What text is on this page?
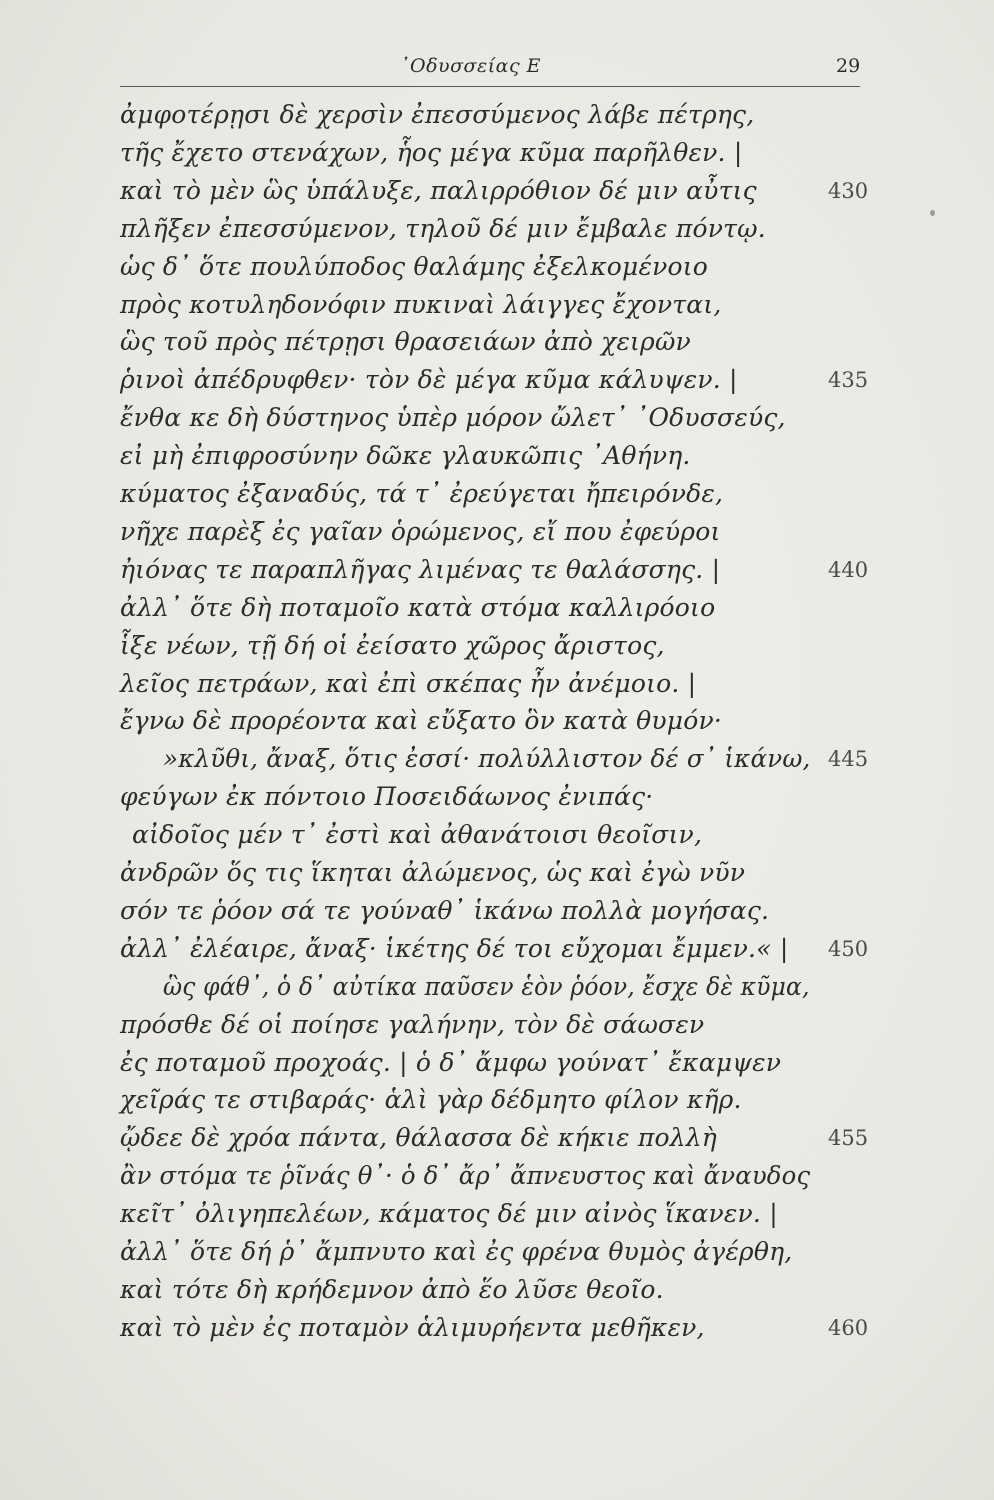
᾿Οδυσσείας Ε	29
ἀμφοτέρῃσι δὲ χερσὶν ἐπεσσύμενος λάβε πέτρης,
τῆς ἔχετο στενάχων, ἧος μέγα κῦμα παρῆλθεν. |
καὶ τὸ μὲν ὣς ὑπάλυξε, παλιρρόθιον δέ μιν αὖτις	430
πλῆξεν ἐπεσσύμενον, τηλοῦ δέ μιν ἔμβαλε πόντῳ.
ὡς δ᾿ ὅτε πουλύποδος θαλάμης ἐξελκομένοιο
πρὸς κοτυληδονόφιν πυκιναὶ λάιγγες ἔχονται,
ὣς τοῦ πρὸς πέτρῃσι θρασειάων ἀπὸ χειρῶν
ῥινοὶ ἀπέδρυφθεν· τὸν δὲ μέγα κῦμα κάλυψεν. |	435
ἔνθα κε δὴ δύστηνος ὑπὲρ μόρον ὤλετ᾿ ᾿Οδυσσεύς,
εἰ μὴ ἐπιφροσύνην δῶκε γλαυκῶπις ᾿Αθήνη.
κύματος ἐξαναδύς, τά τ᾿ ἐρεύγεται ἤπειρόνδε,
νῆχε παρὲξ ἐς γαῖαν ὁρώμενος, εἴ που ἐφεύροι
ἠιόνας τε παραπλῆγας λιμένας τε θαλάσσης. |	440
ἀλλ᾿ ὅτε δὴ ποταμοῖο κατὰ στόμα καλλιρόοιο
ἷξε νέων, τῇ δή οἱ ἐείσατο χῶρος ἄριστος,
λεῖος πετράων, καὶ ἐπὶ σκέπας ἦν ἀνέμοιο. |
ἔγνω δὲ προρέοντα καὶ εὔξατο ὃν κατὰ θυμόν·
»κλῦθι, ἄναξ, ὅτις ἐσσί· πολύλλιστον δέ σ᾿ ἱκάνω, 445
φεύγων ἐκ πόντοιο Ποσειδάωνος ἐνιπάς·
αἰδοῖος μέν τ᾿ ἐστὶ καὶ ἀθανάτοισι θεοῖσιν,
ἀνδρῶν ὅς τις ἵκηται ἀλώμενος, ὡς καὶ ἐγὼ νῦν
σόν τε ῥόον σά τε γούναθ᾿ ἱκάνω πολλὰ μογήσας.
ἀλλ᾿ ἐλέαιρε, ἄναξ· ἱκέτης δέ τοι εὔχομαι ἔμμεν.« | 450
ὣς φάθ᾿, ὁ δ᾿ αὐτίκα παῦσεν ἑὸν ῥόον, ἔσχε δὲ κῦμα,
πρόσθε δέ οἱ ποίησε γαλήνην, τὸν δὲ σάωσεν
ἐς ποταμοῦ προχοάς. | ὁ δ᾿ ἄμφω γούνατ᾿ ἔκαμψεν
χεῖράς τε στιβαράς· ἁλὶ γὰρ δέδμητο φίλον κῆρ.
ᾤδεε δὲ χρόα πάντα, θάλασσα δὲ κήκιε πολλὴ	455
ἂν στόμα τε ῥῖνάς θ᾿· ὁ δ᾿ ἄρ᾿ ἄπνευστος καὶ ἄναυδος
κεῖτ᾿ ὀλιγηπελέων, κάματος δέ μιν αἰνὸς ἵκανεν. |
ἀλλ᾿ ὅτε δή ῥ᾿ ἄμπνυτο καὶ ἐς φρένα θυμὸς ἀγέρθη,
καὶ τότε δὴ κρήδεμνον ἀπὸ ἕο λῦσε θεοῖο.
καὶ τὸ μὲν ἐς ποταμὸν ἁλιμυρήεντα μεθῆκεν,	460
